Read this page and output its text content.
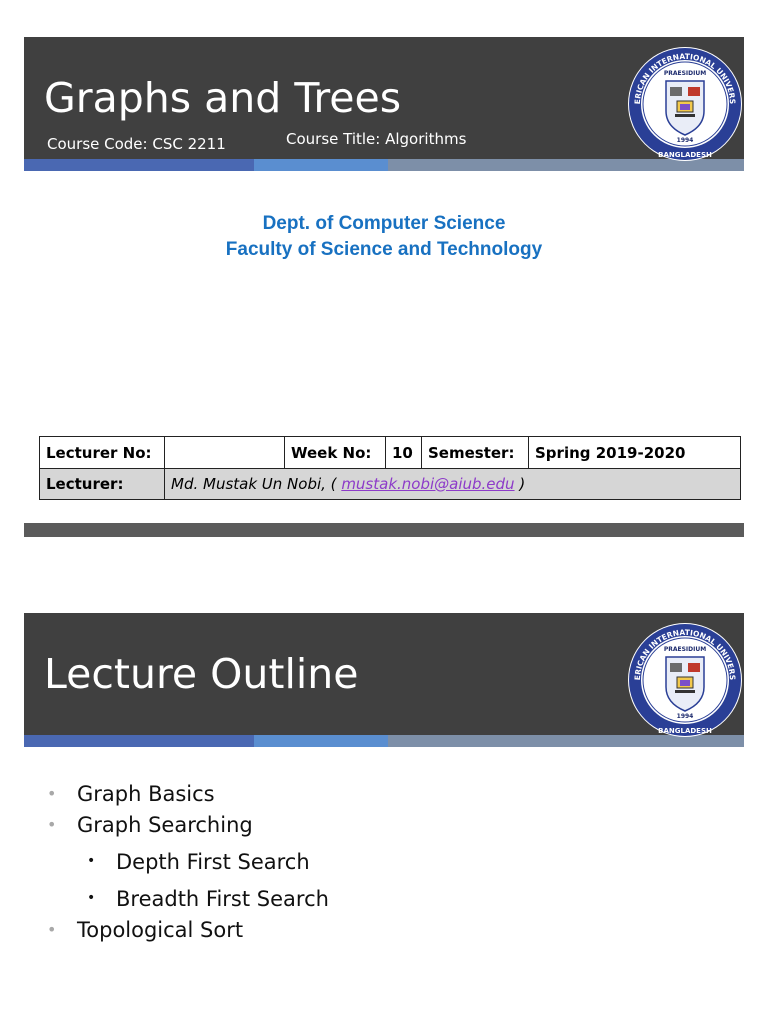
Graphs and Trees
Course Code: CSC 2211	Course Title: Algorithms
ERICAN INTERNATIONAL UNIVERS
BANGLADESH
PRAESIDIUM
1994
Dept. of Computer Science
Faculty of Science and Technology
Lecturer No:		Week No:	10	Semester:	Spring 2019-2020
Lecturer:	Md. Mustak Un Nobi, ( mustak.nobi@aiub.edu )				
Lecture Outline	ERICAN INTERNATIONAL UNIVERS
BANGLADESH
PRAESIDIUM
1994
• Graph Basics
• Graph Searching
• Depth First Search
• Breadth First Search
• Topological Sort
